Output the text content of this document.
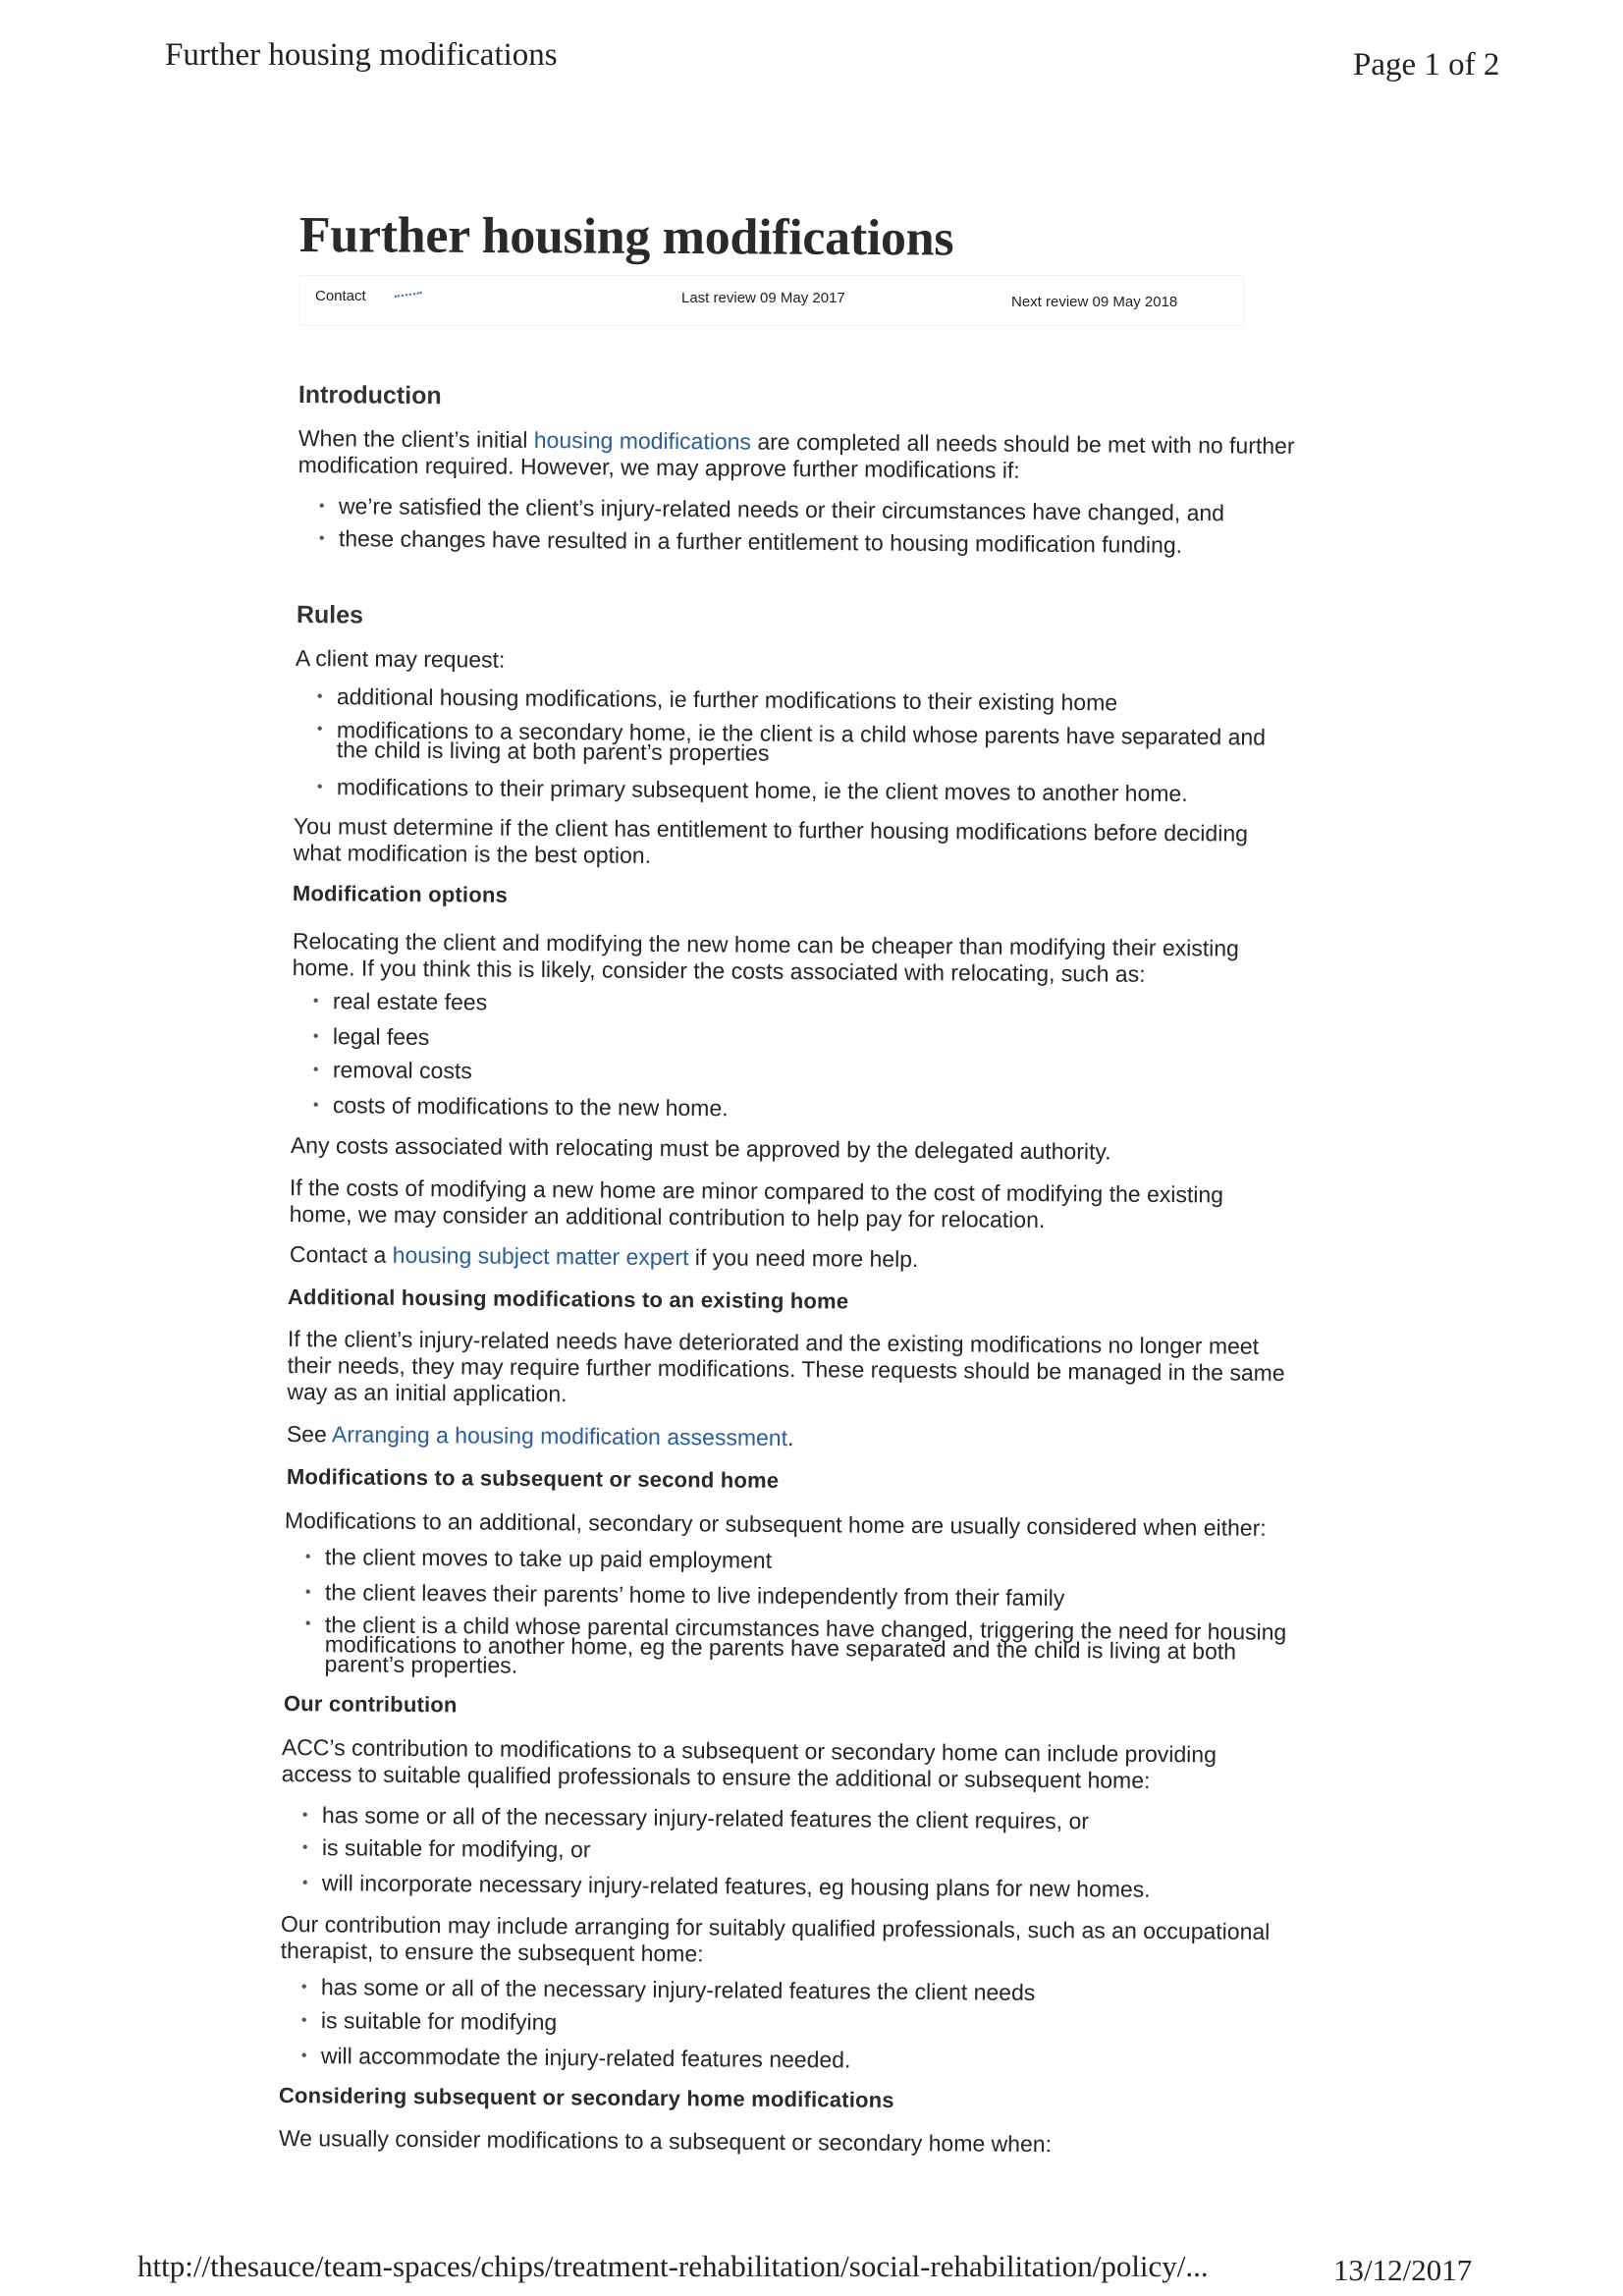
Further housing modifications	Page 1 of 2
Further housing modifications
Contact	Last review 09 May 2017	Next review 09 May 2018
Introduction
When the client’s initial housing modifications are completed all needs should be met with no further
modification required. However, we may approve further modifications if:
• we’re satisfied the client’s injury-related needs or their circumstances have changed, and
• these changes have resulted in a further entitlement to housing modification funding.
Rules
A client may request:
• additional housing modifications, ie further modifications to their existing home
• modifications to a secondary home, ie the client is a child whose parents have separated and
the child is living at both parent’s properties
• modifications to their primary subsequent home, ie the client moves to another home.
You must determine if the client has entitlement to further housing modifications before deciding
what modification is the best option.
Modification options
Relocating the client and modifying the new home can be cheaper than modifying their existing
home. If you think this is likely, consider the costs associated with relocating, such as:
• real estate fees
• legal fees
• removal costs
• costs of modifications to the new home.
Any costs associated with relocating must be approved by the delegated authority.
If the costs of modifying a new home are minor compared to the cost of modifying the existing
home, we may consider an additional contribution to help pay for relocation.
Contact a housing subject matter expert if you need more help.
Additional housing modifications to an existing home
If the client’s injury-related needs have deteriorated and the existing modifications no longer meet
their needs, they may require further modifications. These requests should be managed in the same
way as an initial application.
See Arranging a housing modification assessment.
Modifications to a subsequent or second home
Modifications to an additional, secondary or subsequent home are usually considered when either:
• the client moves to take up paid employment
• the client leaves their parents’ home to live independently from their family
• the client is a child whose parental circumstances have changed, triggering the need for housing
modifications to another home, eg the parents have separated and the child is living at both
parent’s properties.
Our contribution
ACC’s contribution to modifications to a subsequent or secondary home can include providing
access to suitable qualified professionals to ensure the additional or subsequent home:
• has some or all of the necessary injury-related features the client requires, or
• is suitable for modifying, or
• will incorporate necessary injury-related features, eg housing plans for new homes.
Our contribution may include arranging for suitably qualified professionals, such as an occupational
therapist, to ensure the subsequent home:
• has some or all of the necessary injury-related features the client needs
• is suitable for modifying
• will accommodate the injury-related features needed.
Considering subsequent or secondary home modifications
We usually consider modifications to a subsequent or secondary home when:
http://thesauce/team-spaces/chips/treatment-rehabilitation/social-rehabilitation/policy/...	13/12/2017
